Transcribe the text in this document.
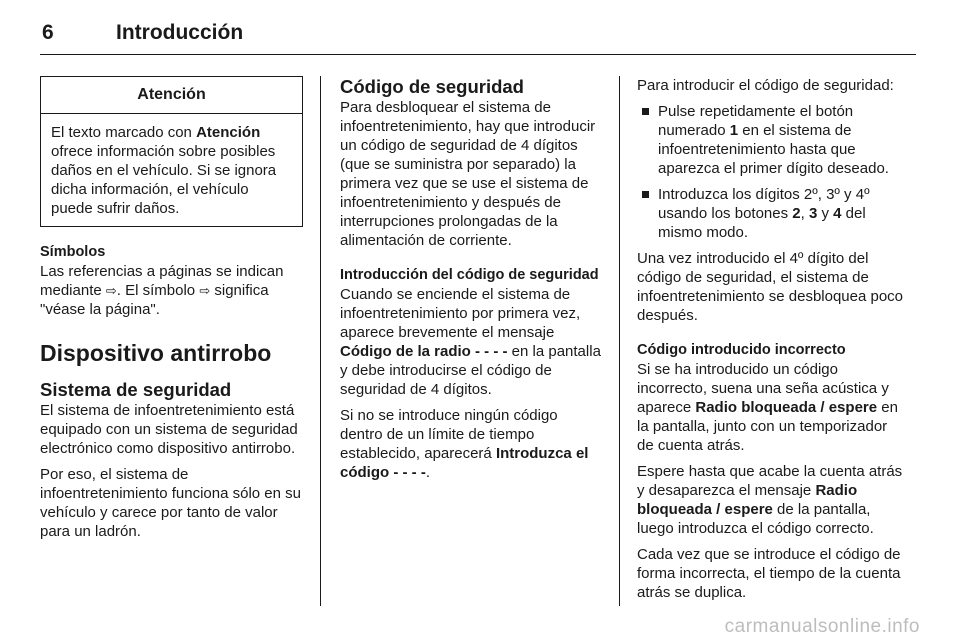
6	Introducción
Atención
El texto marcado con Atención ofrece información sobre posibles daños en el vehículo. Si se ignora dicha información, el vehículo puede sufrir daños.
Símbolos

Las referencias a páginas se indican mediante ⇨. El símbolo ⇨ significa "véase la página".

Dispositivo antirrobo
Sistema de seguridad

El sistema de infoentretenimiento está equipado con un sistema de seguridad electrónico como dispositivo antirrobo.

Por eso, el sistema de infoentretenimiento funciona sólo en su vehículo y carece por tanto de valor para un ladrón.

Código de seguridad

Para desbloquear el sistema de infoentretenimiento, hay que introducir un código de seguridad de 4 dígitos (que se suministra por separado) la primera vez que se use el sistema de infoentretenimiento y después de interrupciones prolongadas de la alimentación de corriente.

Introducción del código de seguridad

Cuando se enciende el sistema de infoentretenimiento por primera vez, aparece brevemente el mensaje Código de la radio - - - - en la pantalla y debe introducirse el código de seguridad de 4 dígitos.

Si no se introduce ningún código dentro de un límite de tiempo establecido, aparecerá Introduzca el código - - - -.

Para introducir el código de seguridad:

Pulse repetidamente el botón numerado 1 en el sistema de infoentretenimiento hasta que aparezca el primer dígito deseado.
Introduzca los dígitos 2º, 3º y 4º usando los botones 2, 3 y 4 del mismo modo.

Una vez introducido el 4º dígito del código de seguridad, el sistema de infoentretenimiento se desbloquea poco después.

Código introducido incorrecto

Si se ha introducido un código incorrecto, suena una seña acústica y aparece Radio bloqueada / espere en la pantalla, junto con un temporizador de cuenta atrás.

Espere hasta que acabe la cuenta atrás y desaparezca el mensaje Radio bloqueada / espere de la pantalla, luego introduzca el código correcto.

Cada vez que se introduce el código de forma incorrecta, el tiempo de la cuenta atrás se duplica.

carmanualsonline.info
